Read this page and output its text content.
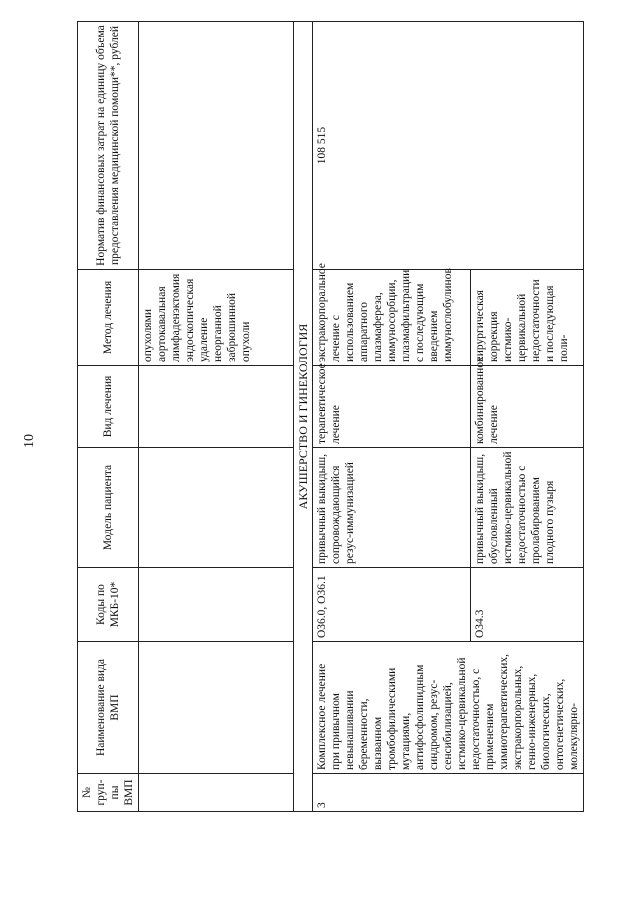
10
№ груп-пы ВМП	Наименование вида ВМП	Коды по МКБ-10*	Модель пациента	Вид лечения	Метод лечения	Норматив финансовых затрат на единицу объема предоставления медицинской помощи**, рублей
					опухолями аортокавальная лимфаденэктомия эндоскопическая удаление неорганной забрюшинной опухоли	
АКУШЕРСТВО И ГИНЕКОЛОГИЯ						
3	Комплексное лечение при привычном невынашивании беременности, вызванном тромбофилическими мутациями, антифосфолипидным синдромом, резус-сенсибилизацией, истмико-цервикальной недостаточностью, с применением химиотерапевтических, экстракорпоральных, генно-инженерных, биологических, онтогенетических, молекулярно-	O36.0, O36.1	привычный выкидыш, сопровождающийся резус-иммунизацией	терапевтическое лечение	экстракорпоральное лечение с использованием аппаратного плазмафереза, иммуносорбции, плазмафильтрации с последующим введением иммуноглобулинов	108 515
		O34.3	привычный выкидыш, обусловленный истмико-цервикальной недостаточностью с пролабированием плодного пузыря	комбинированное лечение	хирургическая коррекция истмико-цервикальной недостаточности и последующая поли-	
